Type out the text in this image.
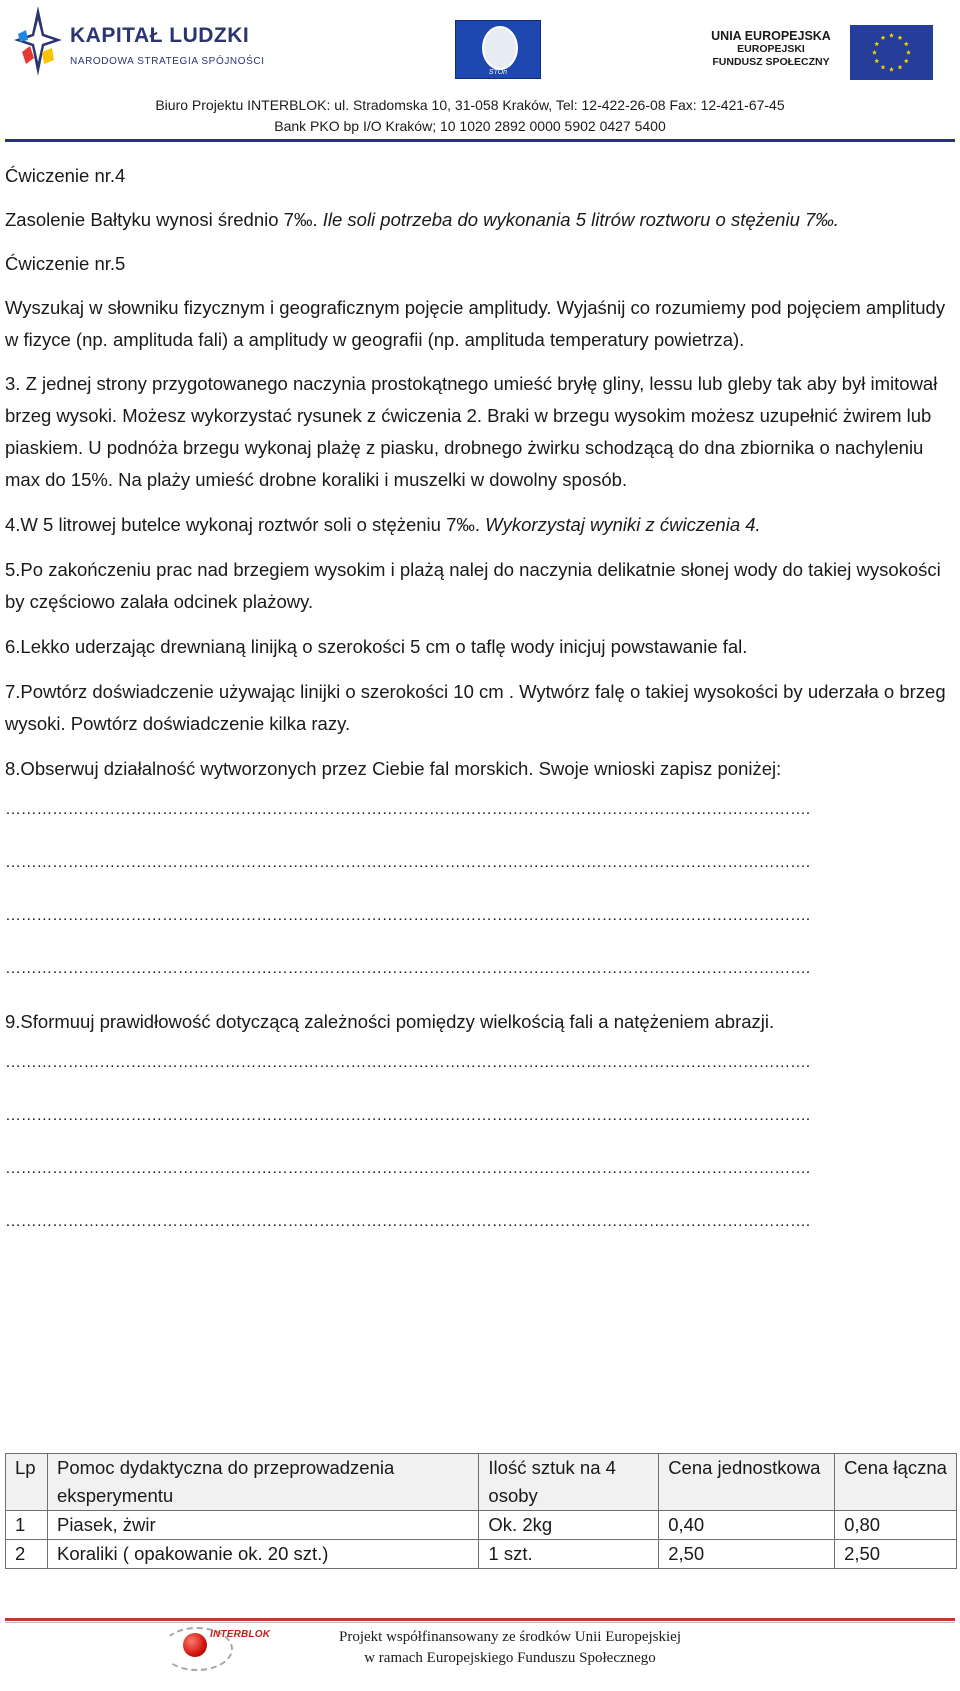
KAPITAŁ LUDZKI
NARODOWA STRATEGIA SPÓJNOŚCI
STOn
UNIA EUROPEJSKA
EUROPEJSKI
FUNDUSZ SPOŁECZNY
Biuro Projektu INTERBLOK: ul. Stradomska 10, 31-058 Kraków, Tel: 12-422-26-08 Fax: 12-421-67-45
Bank PKO bp I/O Kraków; 10 1020 2892 0000 5902 0427 5400

Ćwiczenie nr.4

Zasolenie Bałtyku wynosi średnio 7‰. Ile soli potrzeba do wykonania 5 litrów roztworu o stężeniu 7‰.

Ćwiczenie nr.5

Wyszukaj w słowniku fizycznym i geograficznym pojęcie amplitudy. Wyjaśnij co rozumiemy pod pojęciem amplitudy w fizyce (np. amplituda fali) a amplitudy w geografii (np. amplituda temperatury powietrza).

3. Z jednej strony przygotowanego naczynia prostokątnego umieść bryłę gliny, lessu lub gleby tak aby był imitował brzeg wysoki. Możesz wykorzystać rysunek z ćwiczenia 2. Braki w brzegu wysokim możesz uzupełnić żwirem lub piaskiem. U podnóża brzegu wykonaj plażę z piasku, drobnego żwirku schodzącą do dna zbiornika o nachyleniu max do 15%. Na plaży umieść drobne koraliki i muszelki w dowolny sposób.

4.W 5 litrowej butelce wykonaj roztwór soli o stężeniu 7‰. Wykorzystaj wyniki z ćwiczenia 4.

5.Po zakończeniu prac nad brzegiem wysokim i plażą nalej do naczynia delikatnie słonej wody do takiej wysokości by częściowo zalała odcinek plażowy.

6.Lekko uderzając drewnianą linijką o szerokości 5 cm o taflę wody inicjuj powstawanie fal.

7.Powtórz doświadczenie używając linijki o szerokości 10 cm . Wytwórz falę o takiej wysokości by uderzała o brzeg wysoki. Powtórz doświadczenie kilka razy.

8.Obserwuj działalność wytworzonych przez Ciebie fal morskich. Swoje wnioski zapisz poniżej:

……………………………………………………………………………………………………………………………………….

……………………………………………………………………………………………………………………………………….

……………………………………………………………………………………………………………………………………….

……………………………………………………………………………………………………………………………………….

9.Sformuuj prawidłowość dotyczącą zależności pomiędzy wielkością fali a natężeniem abrazji.

……………………………………………………………………………………………………………………………………….

……………………………………………………………………………………………………………………………………….

……………………………………………………………………………………………………………………………………….

……………………………………………………………………………………………………………………………………….

Lp	Pomoc dydaktyczna do przeprowadzenia eksperymentu	Ilość sztuk na 4 osoby	Cena jednostkowa	Cena łączna
1	Piasek, żwir	Ok. 2kg	0,40	0,80
2	Koraliki ( opakowanie ok. 20 szt.)	1 szt.	2,50	2,50
INTERBLOK	Projekt współfinansowany ze środków Unii Europejskiej
w ramach Europejskiego Funduszu Społecznego
